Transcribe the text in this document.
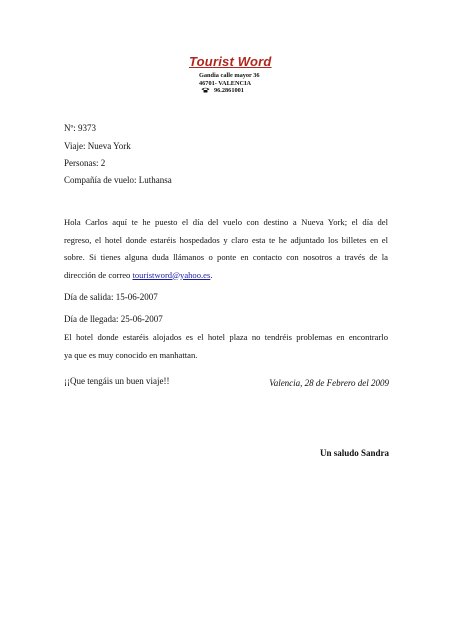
Tourist Word
Gandia calle mayor 36
46701- VALENCIA
96.2861001
Nº: 9373
Viaje: Nueva York
Personas: 2
Compañía de vuelo: Luthansa
Hola Carlos aquí te he puesto el día del vuelo con destino a Nueva York; el día del
regreso, el hotel donde estaréis hospedados y claro esta te he adjuntado los billetes en el
sobre. Si tienes alguna duda llámanos o ponte en contacto con nosotros a través de la
dirección de correo touristword@yahoo.es.
Día de salida: 15-06-2007
Día de llegada: 25-06-2007
El hotel donde estaréis alojados es el hotel plaza no tendréis problemas en encontrarlo
ya que es muy conocido en manhattan.
¡¡Que tengáis un buen viaje!!	Valencia, 28 de Febrero del 2009
Un saludo Sandra
